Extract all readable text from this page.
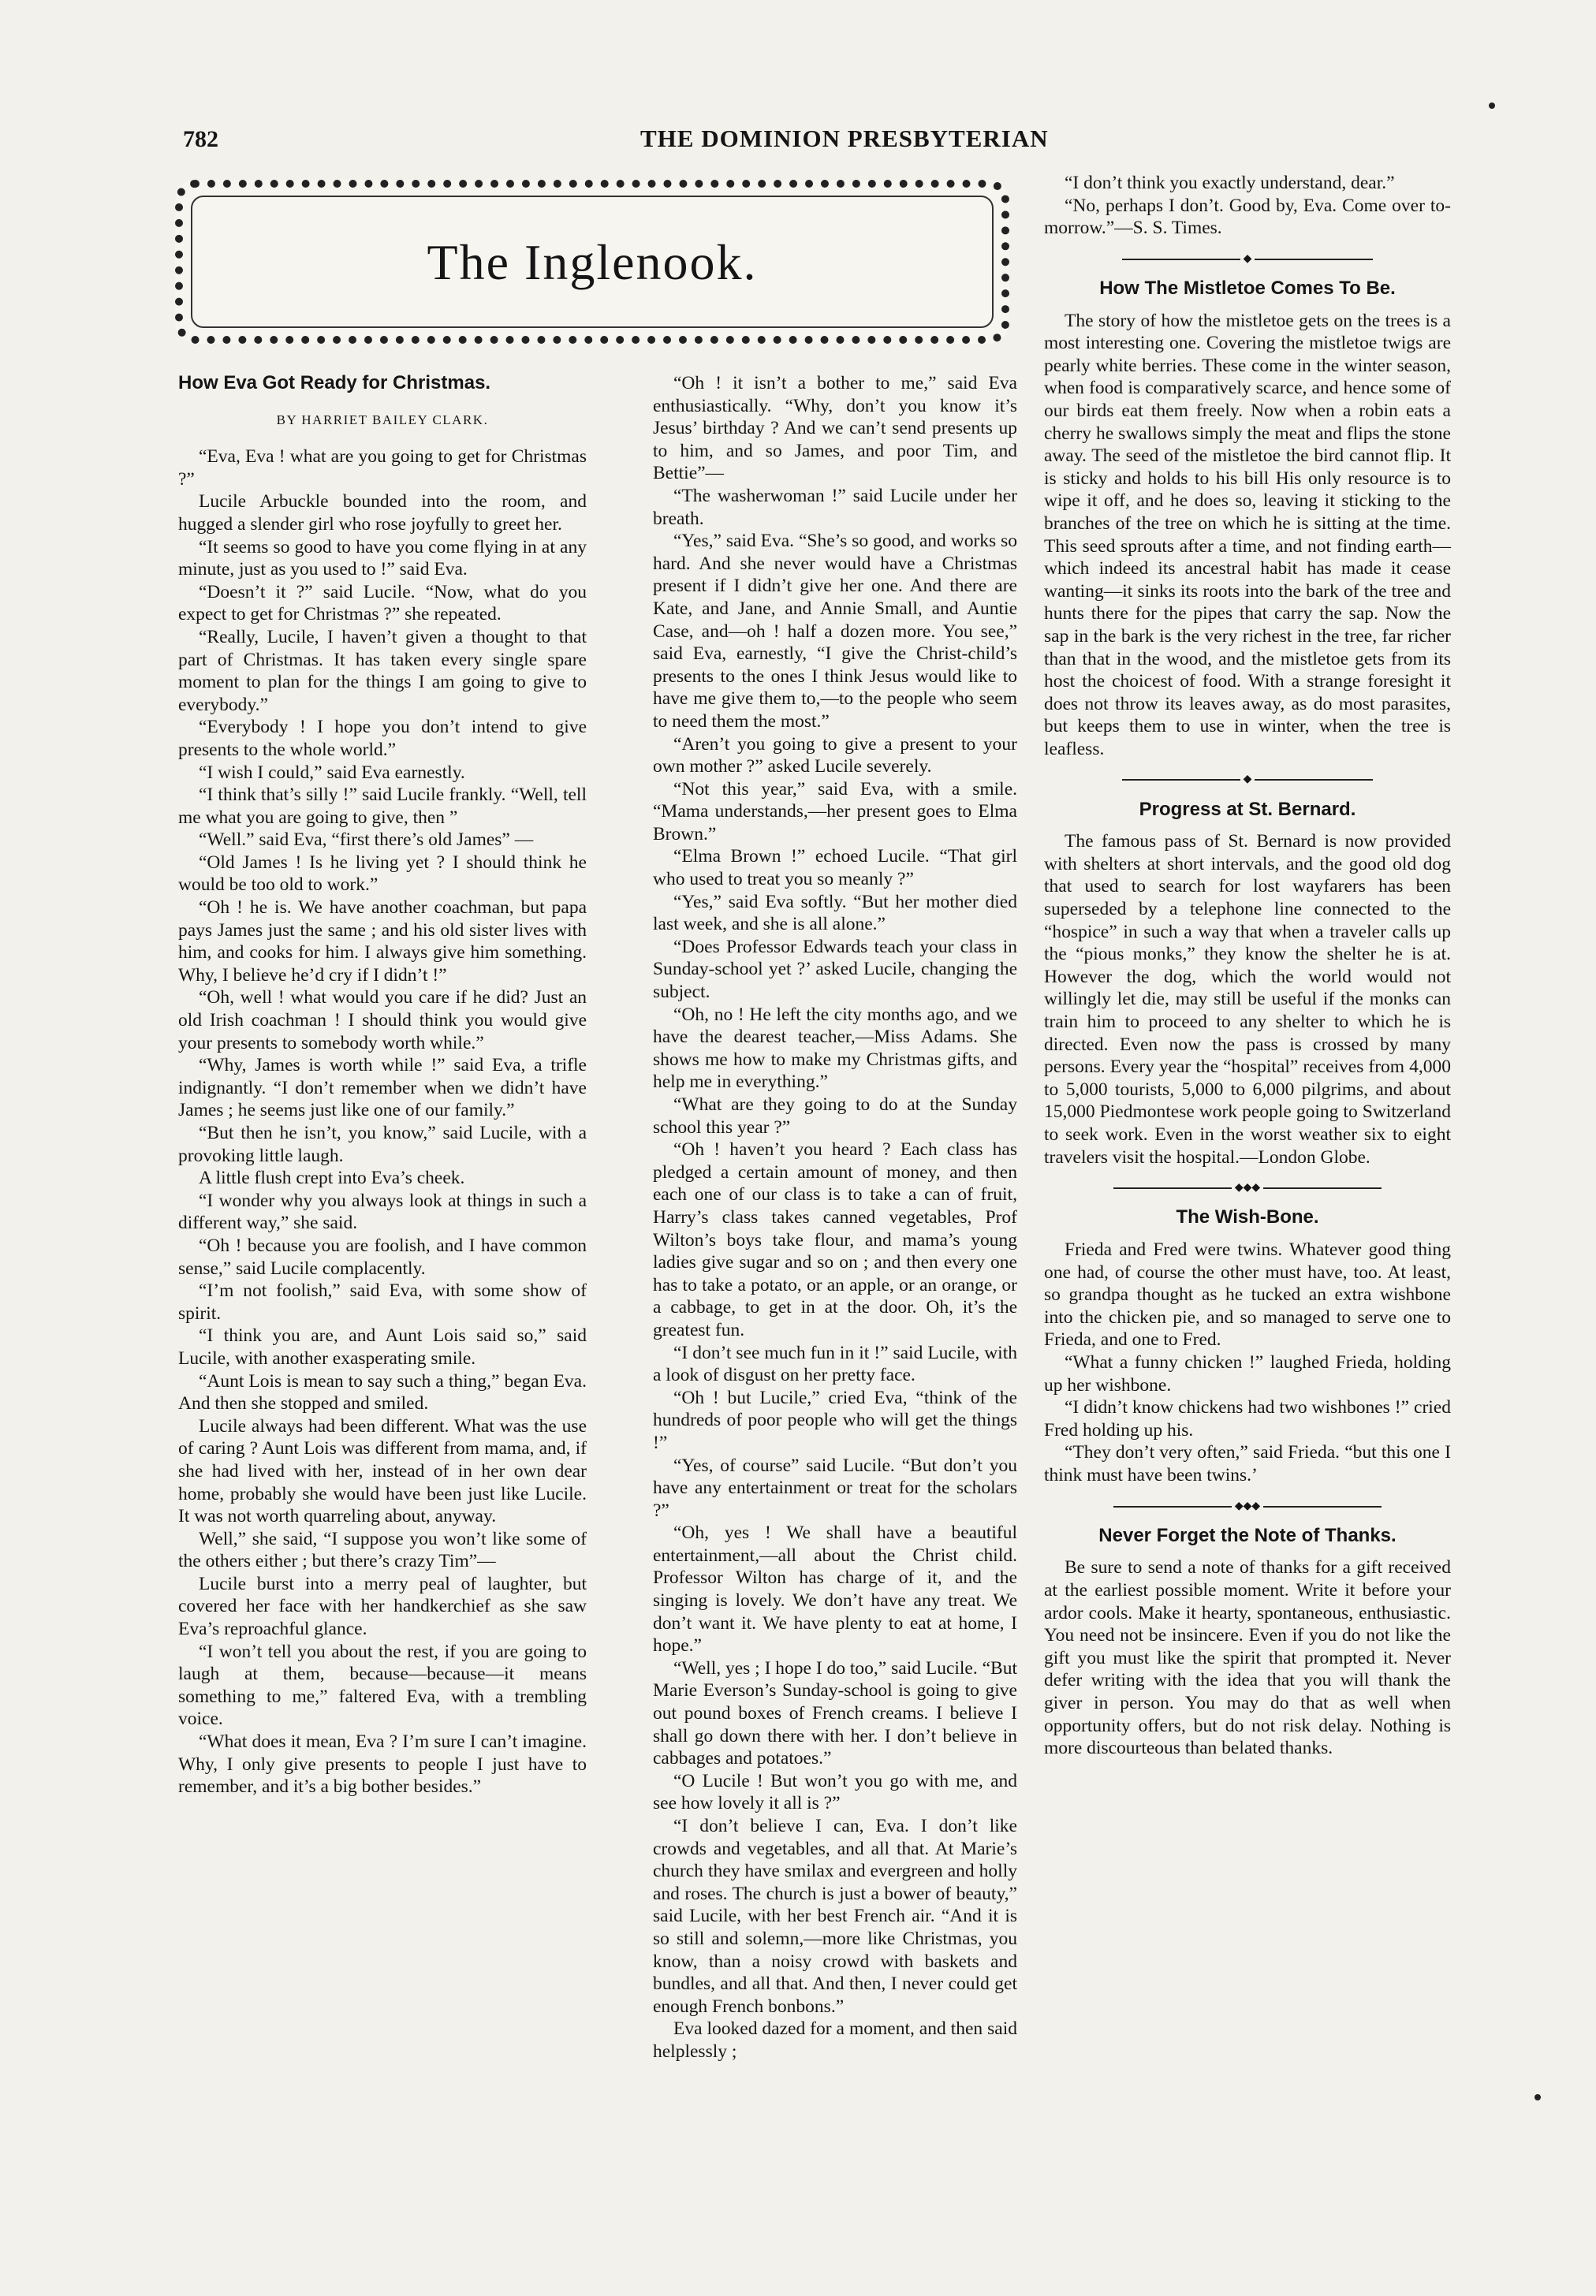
782	THE DOMINION PRESBYTERIAN
The Inglenook.
How Eva Got Ready for Christmas.
BY HARRIET BAILEY CLARK.

“Eva, Eva ! what are you going to get for Christmas ?”

Lucile Arbuckle bounded into the room, and hugged a slender girl who rose joyfully to greet her.

“It seems so good to have you come flying in at any minute, just as you used to !” said Eva.

“Doesn’t it ?” said Lucile. “Now, what do you expect to get for Christmas ?” she repeated.

“Really, Lucile, I haven’t given a thought to that part of Christmas. It has taken every single spare moment to plan for the things I am going to give to everybody.”

“Everybody ! I hope you don’t intend to give presents to the whole world.”

“I wish I could,” said Eva earnestly.

“I think that’s silly !” said Lucile frankly. “Well, tell me what you are going to give, then ”

“Well.” said Eva, “first there’s old James” —

“Old James ! Is he living yet ? I should think he would be too old to work.”

“Oh ! he is. We have another coachman, but papa pays James just the same ; and his old sister lives with him, and cooks for him. I always give him something. Why, I believe he’d cry if I didn’t !”

“Oh, well ! what would you care if he did? Just an old Irish coachman ! I should think you would give your presents to somebody worth while.”

“Why, James is worth while !” said Eva, a trifle indignantly. “I don’t remember when we didn’t have James ; he seems just like one of our family.”

“But then he isn’t, you know,” said Lucile, with a provoking little laugh.

A little flush crept into Eva’s cheek.

“I wonder why you always look at things in such a different way,” she said.

“Oh ! because you are foolish, and I have common sense,” said Lucile complacently.

“I’m not foolish,” said Eva, with some show of spirit.

“I think you are, and Aunt Lois said so,” said Lucile, with another exasperating smile.

“Aunt Lois is mean to say such a thing,” began Eva. And then she stopped and smiled.

Lucile always had been different. What was the use of caring ? Aunt Lois was different from mama, and, if she had lived with her, instead of in her own dear home, probably she would have been just like Lucile. It was not worth quarreling about, anyway.

Well,” she said, “I suppose you won’t like some of the others either ; but there’s crazy Tim”—

Lucile burst into a merry peal of laughter, but covered her face with her handkerchief as she saw Eva’s reproachful glance.

“I won’t tell you about the rest, if you are going to laugh at them, because—because—it means something to me,” faltered Eva, with a trembling voice.

“What does it mean, Eva ? I’m sure I can’t imagine. Why, I only give presents to people I just have to remember, and it’s a big bother besides.”

“Oh ! it isn’t a bother to me,” said Eva enthusiastically. “Why, don’t you know it’s Jesus’ birthday ? And we can’t send presents up to him, and so James, and poor Tim, and Bettie”—

“The washerwoman !” said Lucile under her breath.

“Yes,” said Eva. “She’s so good, and works so hard. And she never would have a Christmas present if I didn’t give her one. And there are Kate, and Jane, and Annie Small, and Auntie Case, and—oh ! half a dozen more. You see,” said Eva, earnestly, “I give the Christ-child’s presents to the ones I think Jesus would like to have me give them to,—to the people who seem to need them the most.”

“Aren’t you going to give a present to your own mother ?” asked Lucile severely.

“Not this year,” said Eva, with a smile. “Mama understands,—her present goes to Elma Brown.”

“Elma Brown !” echoed Lucile. “That girl who used to treat you so meanly ?”

“Yes,” said Eva softly. “But her mother died last week, and she is all alone.”

“Does Professor Edwards teach your class in Sunday-school yet ?’ asked Lucile, changing the subject.

“Oh, no ! He left the city months ago, and we have the dearest teacher,—Miss Adams. She shows me how to make my Christmas gifts, and help me in everything.”

“What are they going to do at the Sunday school this year ?”

“Oh ! haven’t you heard ? Each class has pledged a certain amount of money, and then each one of our class is to take a can of fruit, Harry’s class takes canned vegetables, Prof Wilton’s boys take flour, and mama’s young ladies give sugar and so on ; and then every one has to take a potato, or an apple, or an orange, or a cabbage, to get in at the door. Oh, it’s the greatest fun.

“I don’t see much fun in it !” said Lucile, with a look of disgust on her pretty face.

“Oh ! but Lucile,” cried Eva, “think of the hundreds of poor people who will get the things !”

“Yes, of course” said Lucile. “But don’t you have any entertainment or treat for the scholars ?”

“Oh, yes ! We shall have a beautiful entertainment,—all about the Christ child. Professor Wilton has charge of it, and the singing is lovely. We don’t have any treat. We don’t want it. We have plenty to eat at home, I hope.”

“Well, yes ; I hope I do too,” said Lucile. “But Marie Everson’s Sunday-school is going to give out pound boxes of French creams. I believe I shall go down there with her. I don’t believe in cabbages and potatoes.”

“O Lucile ! But won’t you go with me, and see how lovely it all is ?”

“I don’t believe I can, Eva. I don’t like crowds and vegetables, and all that. At Marie’s church they have smilax and evergreen and holly and roses. The church is just a bower of beauty,” said Lucile, with her best French air. “And it is so still and solemn,—more like Christmas, you know, than a noisy crowd with baskets and bundles, and all that. And then, I never could get enough French bonbons.”

Eva looked dazed for a moment, and then said helplessly ;

“I don’t think you exactly understand, dear.”

“No, perhaps I don’t. Good by, Eva. Come over to-morrow.”—S. S. Times.

◆
How The Mistletoe Comes To Be.

The story of how the mistletoe gets on the trees is a most interesting one. Covering the mistletoe twigs are pearly white berries. These come in the winter season, when food is comparatively scarce, and hence some of our birds eat them freely. Now when a robin eats a cherry he swallows simply the meat and flips the stone away. The seed of the mistletoe the bird cannot flip. It is sticky and holds to his bill His only resource is to wipe it off, and he does so, leaving it sticking to the branches of the tree on which he is sitting at the time. This seed sprouts after a time, and not finding earth—which indeed its ancestral habit has made it cease wanting—it sinks its roots into the bark of the tree and hunts there for the pipes that carry the sap. Now the sap in the bark is the very richest in the tree, far richer than that in the wood, and the mistletoe gets from its host the choicest of food. With a strange foresight it does not throw its leaves away, as do most parasites, but keeps them to use in winter, when the tree is leafless.

◆
Progress at St. Bernard.

The famous pass of St. Bernard is now provided with shelters at short intervals, and the good old dog that used to search for lost wayfarers has been superseded by a telephone line connected to the “hospice” in such a way that when a traveler calls up the “pious monks,” they know the shelter he is at. However the dog, which the world would not willingly let die, may still be useful if the monks can train him to proceed to any shelter to which he is directed. Even now the pass is crossed by many persons. Every year the “hospital” receives from 4,000 to 5,000 tourists, 5,000 to 6,000 pilgrims, and about 15,000 Piedmontese work people going to Switzerland to seek work. Even in the worst weather six to eight travelers visit the hospital.—London Globe.

◆◆◆
The Wish-Bone.

Frieda and Fred were twins. Whatever good thing one had, of course the other must have, too. At least, so grandpa thought as he tucked an extra wishbone into the chicken pie, and so managed to serve one to Frieda, and one to Fred.

“What a funny chicken !” laughed Frieda, holding up her wishbone.

“I didn’t know chickens had two wishbones !” cried Fred holding up his.

“They don’t very often,” said Frieda. “but this one I think must have been twins.’

◆◆◆
Never Forget the Note of Thanks.

Be sure to send a note of thanks for a gift received at the earliest possible moment. Write it before your ardor cools. Make it hearty, spontaneous, enthusiastic. You need not be insincere. Even if you do not like the gift you must like the spirit that prompted it. Never defer writing with the idea that you will thank the giver in person. You may do that as well when opportunity offers, but do not risk delay. Nothing is more discourteous than belated thanks.
